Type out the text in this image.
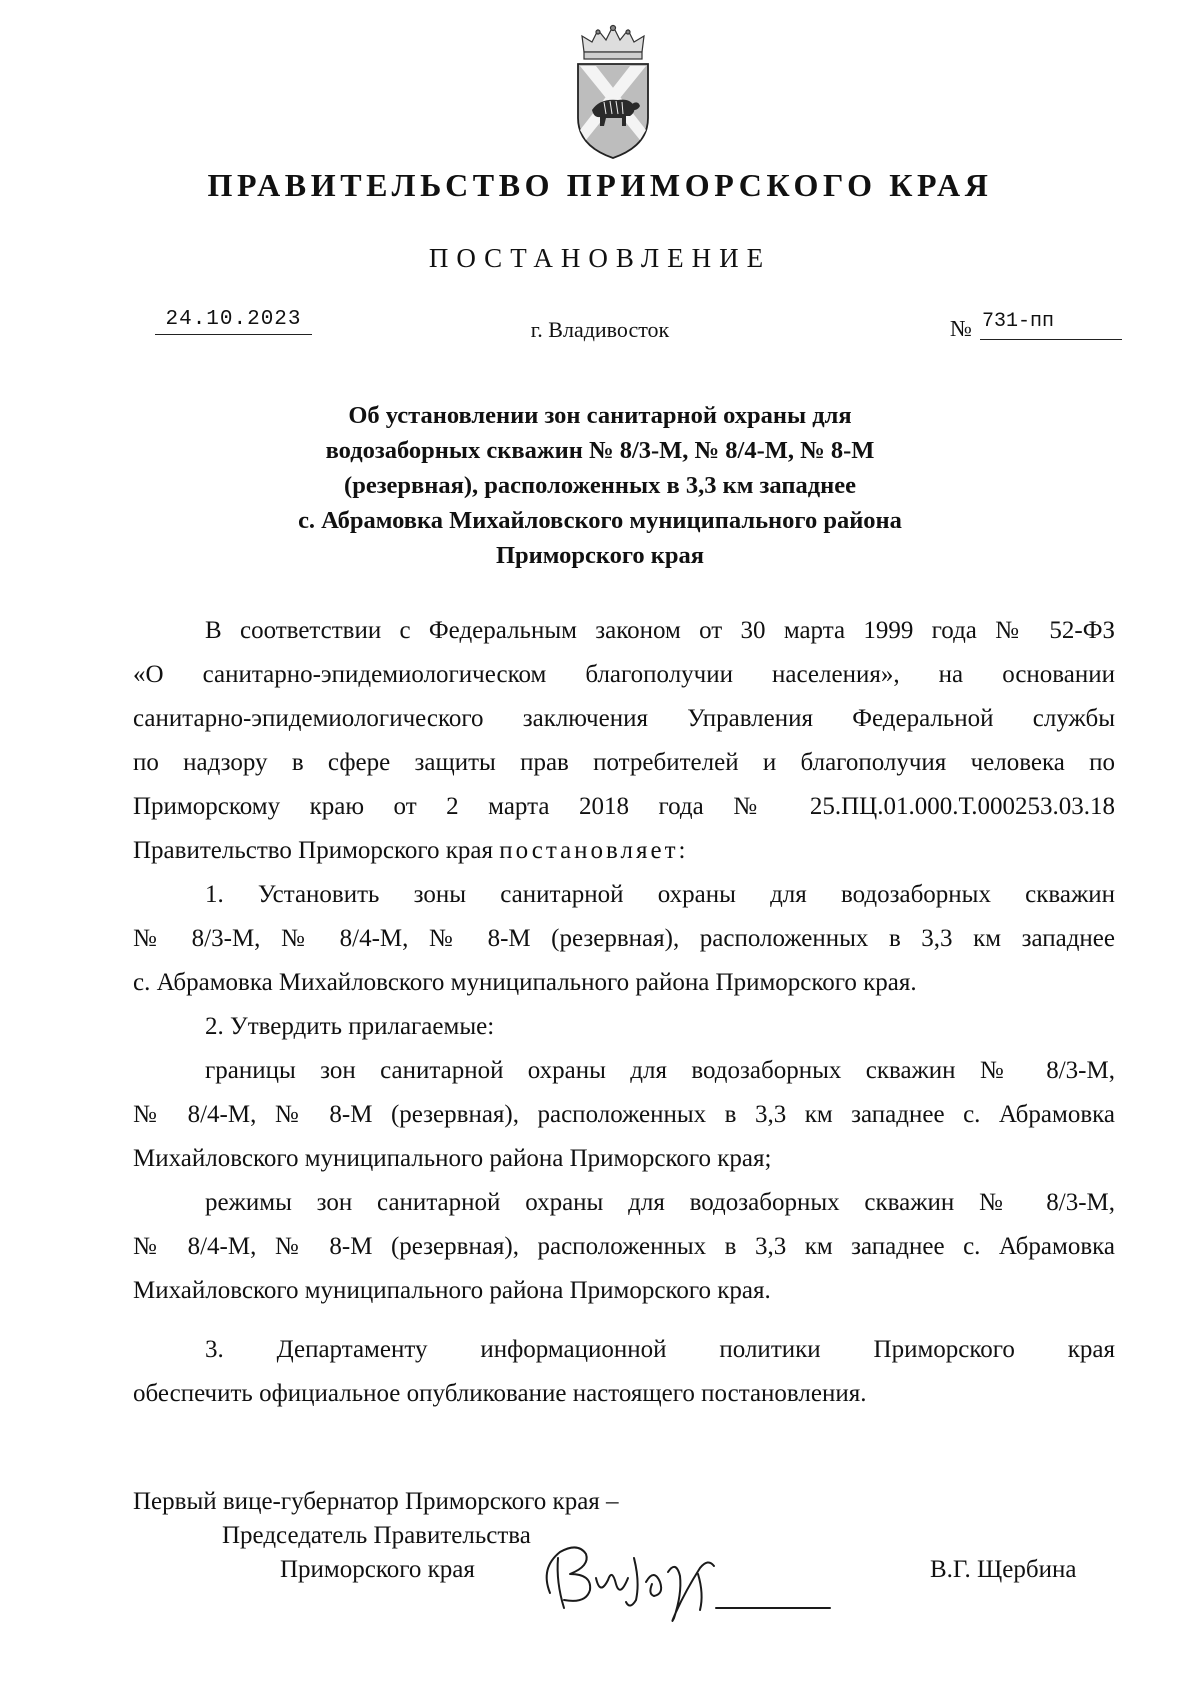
ПРАВИТЕЛЬСТВО ПРИМОРСКОГО КРАЯ
ПОСТАНОВЛЕНИЕ
24.10.2023	г. Владивосток	№ 731-пп
Об установлении зон санитарной охраны для
водозаборных скважин № 8/3-М, № 8/4-М, № 8-М
(резервная), расположенных в 3,3 км западнее
с. Абрамовка Михайловского муниципального района
Приморского края
В соответствии с Федеральным законом от 30 марта 1999 года № 52-ФЗ
«О санитарно-эпидемиологическом благополучии населения», на основании
санитарно-эпидемиологического заключения Управления Федеральной службы
по надзору в сфере защиты прав потребителей и благополучия человека по
Приморскому краю от 2 марта 2018 года № 25.ПЦ.01.000.Т.000253.03.18
Правительство Приморского края постановляет:
1. Установить зоны санитарной охраны для водозаборных скважин
№ 8/3-М, № 8/4-М, № 8-М (резервная), расположенных в 3,3 км западнее
с. Абрамовка Михайловского муниципального района Приморского края.
2. Утвердить прилагаемые:
границы зон санитарной охраны для водозаборных скважин № 8/3-М,
№ 8/4-М, № 8-М (резервная), расположенных в 3,3 км западнее с. Абрамовка
Михайловского муниципального района Приморского края;
режимы зон санитарной охраны для водозаборных скважин № 8/3-М,
№ 8/4-М, № 8-М (резервная), расположенных в 3,3 км западнее с. Абрамовка
Михайловского муниципального района Приморского края.
3. Департаменту информационной политики Приморского края
обеспечить официальное опубликование настоящего постановления.
Первый вице-губернатор Приморского края –
Председатель Правительства
Приморского края	В.Г. Щербина
